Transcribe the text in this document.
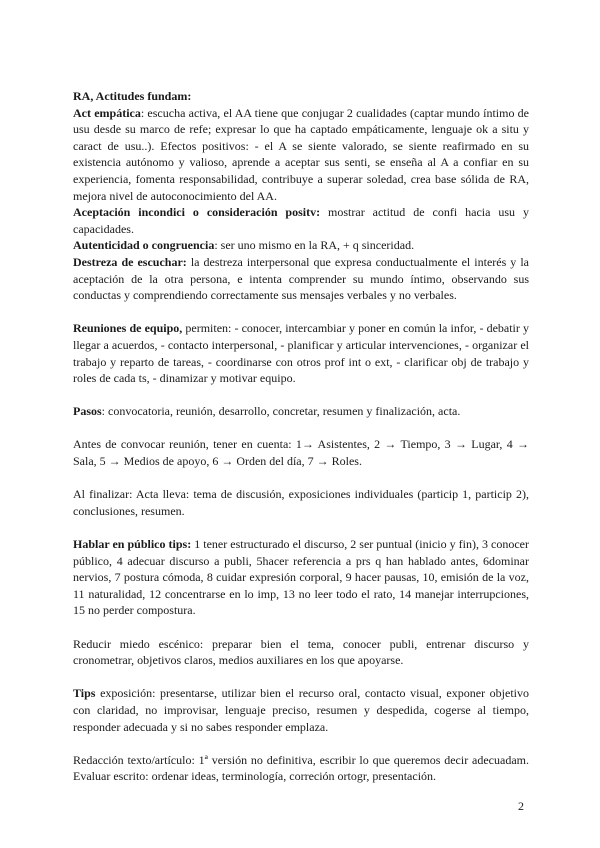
RA, Actitudes fundam:

Act empática: escucha activa, el AA tiene que conjugar 2 cualidades (captar mundo íntimo de usu desde su marco de refe; expresar lo que ha captado empáticamente, lenguaje ok a situ y caract de usu..). Efectos positivos: - el A se siente valorado, se siente reafirmado en su existencia autónomo y valioso, aprende a aceptar sus senti, se enseña al A a confiar en su experiencia, fomenta responsabilidad, contribuye a superar soledad, crea base sólida de RA, mejora nivel de autoconocimiento del AA.

Aceptación incondici o consideración positv: mostrar actitud de confi hacia usu y capacidades.

Autenticidad o congruencia: ser uno mismo en la RA, + q sinceridad.

Destreza de escuchar: la destreza interpersonal que expresa conductualmente el interés y la aceptación de la otra persona, e intenta comprender su mundo íntimo, observando sus conductas y comprendiendo correctamente sus mensajes verbales y no verbales.

Reuniones de equipo, permiten: - conocer, intercambiar y poner en común la infor, - debatir y llegar a acuerdos, - contacto interpersonal, - planificar y articular intervenciones, - organizar el trabajo y reparto de tareas, - coordinarse con otros prof int o ext, - clarificar obj de trabajo y roles de cada ts, - dinamizar y motivar equipo.

Pasos: convocatoria, reunión, desarrollo, concretar, resumen y finalización, acta.

Antes de convocar reunión, tener en cuenta: 1→ Asistentes, 2 → Tiempo, 3 → Lugar, 4 → Sala, 5 → Medios de apoyo, 6 → Orden del día, 7 → Roles.

Al finalizar: Acta lleva: tema de discusión, exposiciones individuales (particip 1, particip 2), conclusiones, resumen.

Hablar en público tips: 1 tener estructurado el discurso, 2 ser puntual (inicio y fin), 3 conocer público, 4 adecuar discurso a publi, 5hacer referencia a prs q han hablado antes, 6dominar nervios, 7 postura cómoda, 8 cuidar expresión corporal, 9 hacer pausas, 10, emisión de la voz, 11 naturalidad, 12 concentrarse en lo imp, 13 no leer todo el rato, 14 manejar interrupciones, 15 no perder compostura.

Reducir miedo escénico: preparar bien el tema, conocer publi, entrenar discurso y cronometrar, objetivos claros, medios auxiliares en los que apoyarse.

Tips exposición: presentarse, utilizar bien el recurso oral, contacto visual, exponer objetivo con claridad, no improvisar, lenguaje preciso, resumen y despedida, cogerse al tiempo, responder adecuada y si no sabes responder emplaza.

Redacción texto/artículo: 1ª versión no definitiva, escribir lo que queremos decir adecuadam. Evaluar escrito: ordenar ideas, terminología, correción ortogr, presentación.

2
